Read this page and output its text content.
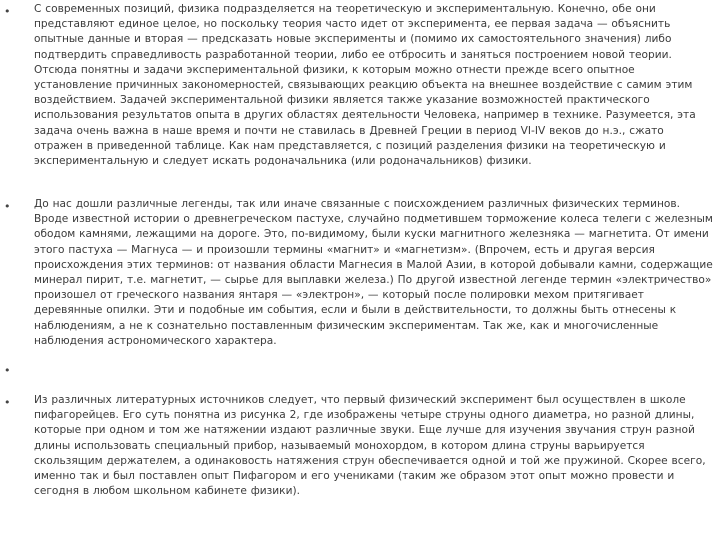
• С современных позиций, физика подразделяется на теоретическую и экспериментальную. Конечно, обе они представляют единое целое, но поскольку теория часто идет от эксперимента, ее первая задача — объяснить опытные данные и вторая — предсказать новые эксперименты и (помимо их самостоятельного значения) либо подтвердить справедливость разработанной теории, либо ее отбросить и заняться построением новой теории. Отсюда понятны и задачи экспериментальной физики, к которым можно отнести прежде всего опытное установление причинных закономерностей, связывающих реакцию объекта на внешнее воздействие с самим этим воздействием. Задачей экспериментальной физики является также указание возможностей практического использования результатов опыта в других областях деятельности Человека, например в технике. Разумеется, эта задача очень важна в наше время и почти не ставилась в Древней Греции в период VI-IV веков до н.э., сжато отражен в приведенной таблице. Как нам представляется, с позиций разделения физики на теоретическую и экспериментальную и следует искать родоначальника (или родоначальников) физики.

• До нас дошли различные легенды, так или иначе связанные с поисхождением различных физических терминов. Вроде известной истории о древнегреческом пастухе, случайно подметившем торможение колеса телеги с железным ободом камнями, лежащими на дороге. Это, по-видимому, были куски магнитного железняка — магнетита. От имени этого пастуха — Магнуса — и произошли термины «магнит» и «магнетизм». (Впрочем, есть и другая версия происхождения этих терминов: от названия области Магнесия в Малой Азии, в которой добывали камни, содержащие минерал пирит, т.е. магнетит, — сырье для выплавки железа.) По другой известной легенде термин «электричество» произошел от греческого названия янтаря — «электрон», — который после полировки мехом притягивает деревянные опилки. Эти и подобные им события, если и были в действительности, то должны быть отнесены к наблюдениям, а не к сознательно поставленным физическим экспериментам. Так же, как и многочисленные наблюдения астрономического характера.

•

• Из различных литературных источников следует, что первый физический эксперимент был осуществлен в школе пифагорейцев. Его суть понятна из рисунка 2, где изображены четыре струны одного диаметра, но разной длины, которые при одном и том же натяжении издают различные звуки. Еще лучше для изучения звучания струн разной длины использовать специальный прибор, называемый монохордом, в котором длина струны варьируется скользящим держателем, а одинаковость натяжения струн обеспечивается одной и той же пружиной. Скорее всего, именно так и был поставлен опыт Пифагором и его учениками (таким же образом этот опыт можно провести и сегодня в любом школьном кабинете физики).
